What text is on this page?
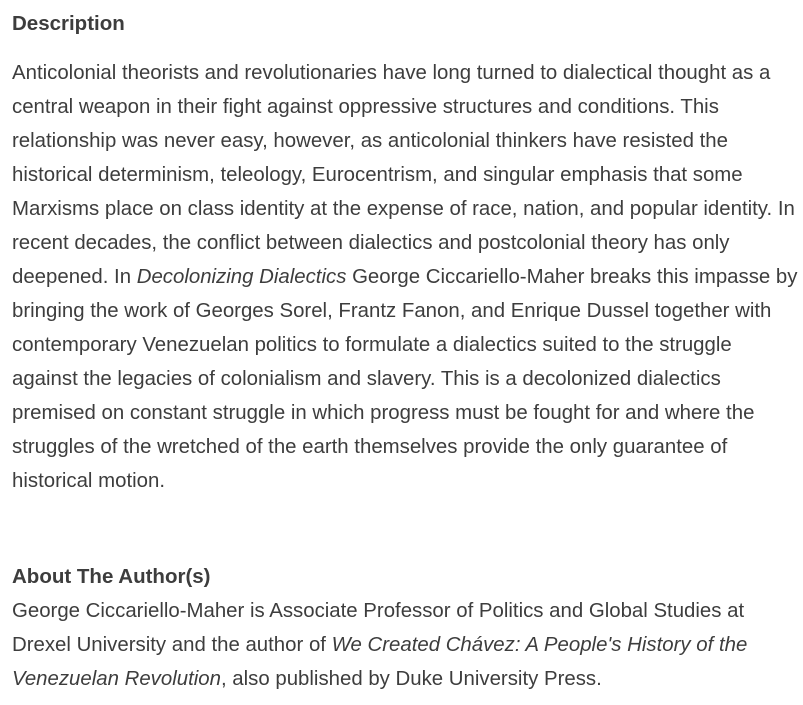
Description

Anticolonial theorists and revolutionaries have long turned to dialectical thought as a central weapon in their fight against oppressive structures and conditions. This relationship was never easy, however, as anticolonial thinkers have resisted the historical determinism, teleology, Eurocentrism, and singular emphasis that some Marxisms place on class identity at the expense of race, nation, and popular identity. In recent decades, the conflict between dialectics and postcolonial theory has only deepened. In Decolonizing Dialectics George Ciccariello-Maher breaks this impasse by bringing the work of Georges Sorel, Frantz Fanon, and Enrique Dussel together with contemporary Venezuelan politics to formulate a dialectics suited to the struggle against the legacies of colonialism and slavery. This is a decolonized dialectics premised on constant struggle in which progress must be fought for and where the struggles of the wretched of the earth themselves provide the only guarantee of historical motion.

About The Author(s)

George Ciccariello-Maher is Associate Professor of Politics and Global Studies at Drexel University and the author of We Created Chávez: A People's History of the Venezuelan Revolution, also published by Duke University Press.
